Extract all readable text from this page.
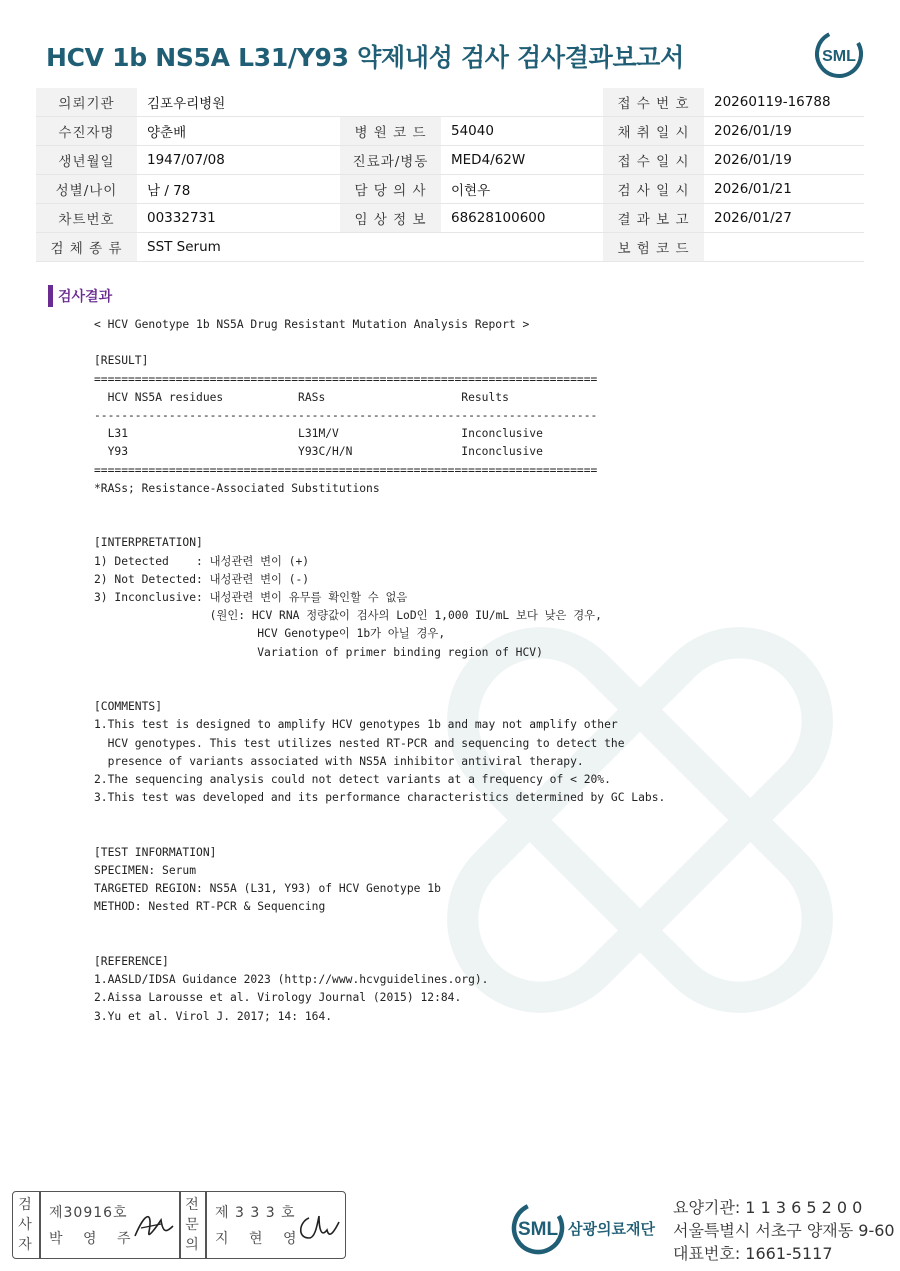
HCV 1b NS5A L31/Y93 약제내성 검사 검사결과보고서	SML
의뢰기관	김포우리병원			접 수 번 호	20260119-16788
수진자명	양춘배	병 원 코 드	54040	채 취 일 시	2026/01/19
생년월일	1947/07/08	진료과/병동	MED4/62W	접 수 일 시	2026/01/19
성별/나이	남 / 78	담 당 의 사	이현우	검 사 일 시	2026/01/21
차트번호	00332731	임 상 정 보	68628100600	결 과 보 고	2026/01/27
검 체 종 류	SST Serum			보 험 코 드	
검사결과
< HCV Genotype 1b NS5A Drug Resistant Mutation Analysis Report >
[RESULT]
==========================================================================
HCV NS5A residues           RASs                    Results
--------------------------------------------------------------------------
L31                         L31M/V                  Inconclusive
Y93                         Y93C/H/N                Inconclusive
==========================================================================
*RASs; Resistance-Associated Substitutions
[INTERPRETATION]
1) Detected    : 내성관련 변이 (+)
2) Not Detected: 내성관련 변이 (-)
3) Inconclusive: 내성관련 변이 유무를 확인할 수 없음
(원인: HCV RNA 정량값이 검사의 LoD인 1,000 IU/mL 보다 낮은 경우,
HCV Genotype이 1b가 아닐 경우,
Variation of primer binding region of HCV)
[COMMENTS]
1.This test is designed to amplify HCV genotypes 1b and may not amplify other
HCV genotypes. This test utilizes nested RT-PCR and sequencing to detect the
presence of variants associated with NS5A inhibitor antiviral therapy.
2.The sequencing analysis could not detect variants at a frequency of < 20%.
3.This test was developed and its performance characteristics determined by GC Labs.
[TEST INFORMATION]
SPECIMEN: Serum
TARGETED REGION: NS5A (L31, Y93) of HCV Genotype 1b
METHOD: Nested RT-PCR & Sequencing
[REFERENCE]
1.AASLD/IDSA Guidance 2023 (http://www.hcvguidelines.org).
2.Aissa Larousse et al. Virology Journal (2015) 12:84.
3.Yu et al. Virol J. 2017; 14: 164.
검
사
자
제30916호
박 영 주
전
문
의
제 3 3 3 호
지 현 영	SML 삼광의료재단
요양기관: 1 1 3 6 5 2 0 0
서울특별시 서초구 양재동 9-60
대표번호: 1661-5117
